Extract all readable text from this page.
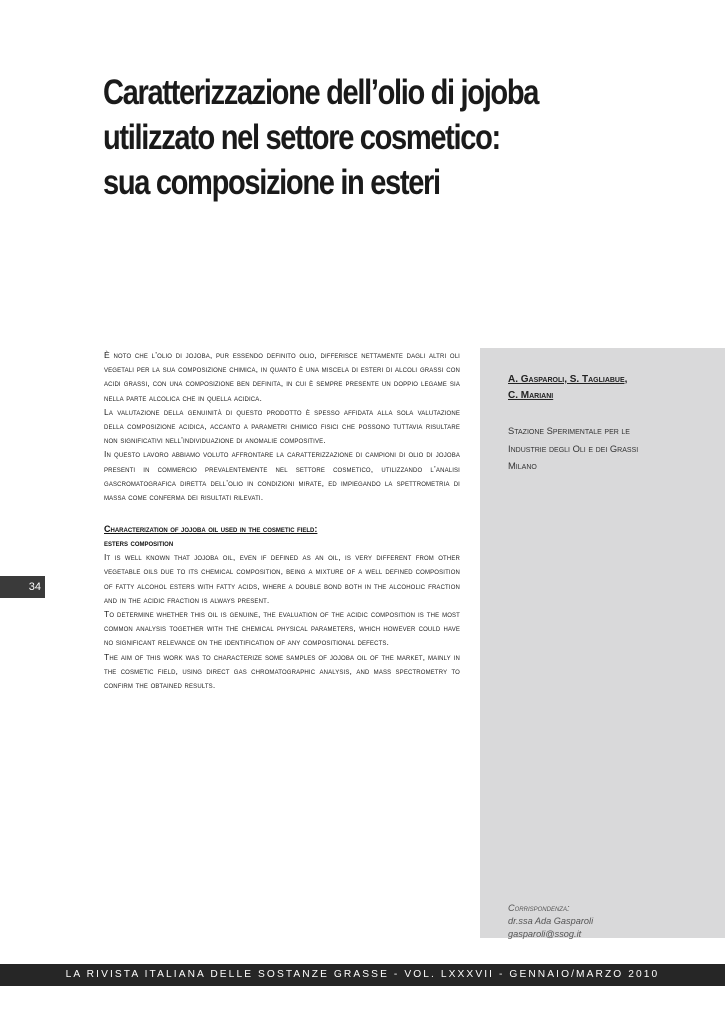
Caratterizzazione dell’olio di jojoba
utilizzato nel settore cosmetico:
sua composizione in esteri

È noto che l’olio di jojoba, pur essendo definito olio, differisce nettamente dagli altri oli vegetali per la sua composizione chimica, in quanto è una miscela di esteri di alcoli grassi con acidi grassi, con una composizione ben definita, in cui è sempre presente un doppio legame sia nella parte alcolica che in quella acidica.

La valutazione della genuinità di questo prodotto è spesso affidata alla sola valutazione della composizione acidica, accanto a parametri chimico fisici che possono tuttavia risultare non significativi nell’individuazione di anomalie compositive.

In questo lavoro abbiamo voluto affrontare la caratterizzazione di campioni di olio di jojoba presenti in commercio prevalentemente nel settore cosmetico, utilizzando l’analisi gascromatografica diretta dell’olio in condizioni mirate, ed impiegando la spettrometria di massa come conferma dei risultati rilevati.

Characterization of jojoba oil used in the cosmetic field:
esters composition

It is well known that jojoba oil, even if defined as an oil, is very different from other vegetable oils due to its chemical composition, being a mixture of a well defined composition of fatty alcohol esters with fatty acids, where a double bond both in the alcoholic fraction and in the acidic fraction is always present.

To determine whether this oil is genuine, the evaluation of the acidic composition is the most common analysis together with the chemical physical parameters, which however could have no significant relevance on the identification of any compositional defects.

The aim of this work was to characterize some samples of jojoba oil of the market, mainly in the cosmetic field, using direct gas chromatographic analysis, and mass spectrometry to confirm the obtained results.

A. Gasparoli, S. Tagliabue,
C. Mariani
Stazione Sperimentale per le
Industrie degli Oli e dei Grassi
Milano
Corrispondenza:
dr.ssa Ada Gasparoli
gasparoli@ssog.it
34
LA RIVISTA ITALIANA DELLE SOSTANZE GRASSE - VOL. LXXXVII - GENNAIO/MARZO 2010
